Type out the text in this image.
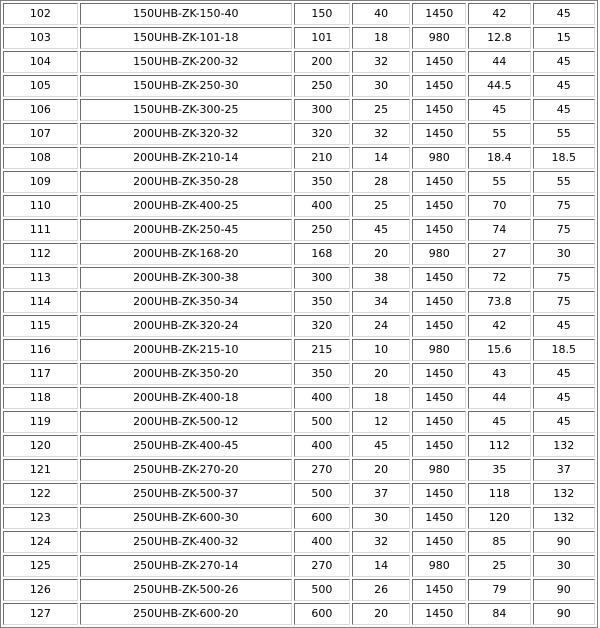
102	150UHB-ZK-150-40	150	40	1450	42	45
103	150UHB-ZK-101-18	101	18	980	12.8	15
104	150UHB-ZK-200-32	200	32	1450	44	45
105	150UHB-ZK-250-30	250	30	1450	44.5	45
106	150UHB-ZK-300-25	300	25	1450	45	45
107	200UHB-ZK-320-32	320	32	1450	55	55
108	200UHB-ZK-210-14	210	14	980	18.4	18.5
109	200UHB-ZK-350-28	350	28	1450	55	55
110	200UHB-ZK-400-25	400	25	1450	70	75
111	200UHB-ZK-250-45	250	45	1450	74	75
112	200UHB-ZK-168-20	168	20	980	27	30
113	200UHB-ZK-300-38	300	38	1450	72	75
114	200UHB-ZK-350-34	350	34	1450	73.8	75
115	200UHB-ZK-320-24	320	24	1450	42	45
116	200UHB-ZK-215-10	215	10	980	15.6	18.5
117	200UHB-ZK-350-20	350	20	1450	43	45
118	200UHB-ZK-400-18	400	18	1450	44	45
119	200UHB-ZK-500-12	500	12	1450	45	45
120	250UHB-ZK-400-45	400	45	1450	112	132
121	250UHB-ZK-270-20	270	20	980	35	37
122	250UHB-ZK-500-37	500	37	1450	118	132
123	250UHB-ZK-600-30	600	30	1450	120	132
124	250UHB-ZK-400-32	400	32	1450	85	90
125	250UHB-ZK-270-14	270	14	980	25	30
126	250UHB-ZK-500-26	500	26	1450	79	90
127	250UHB-ZK-600-20	600	20	1450	84	90
